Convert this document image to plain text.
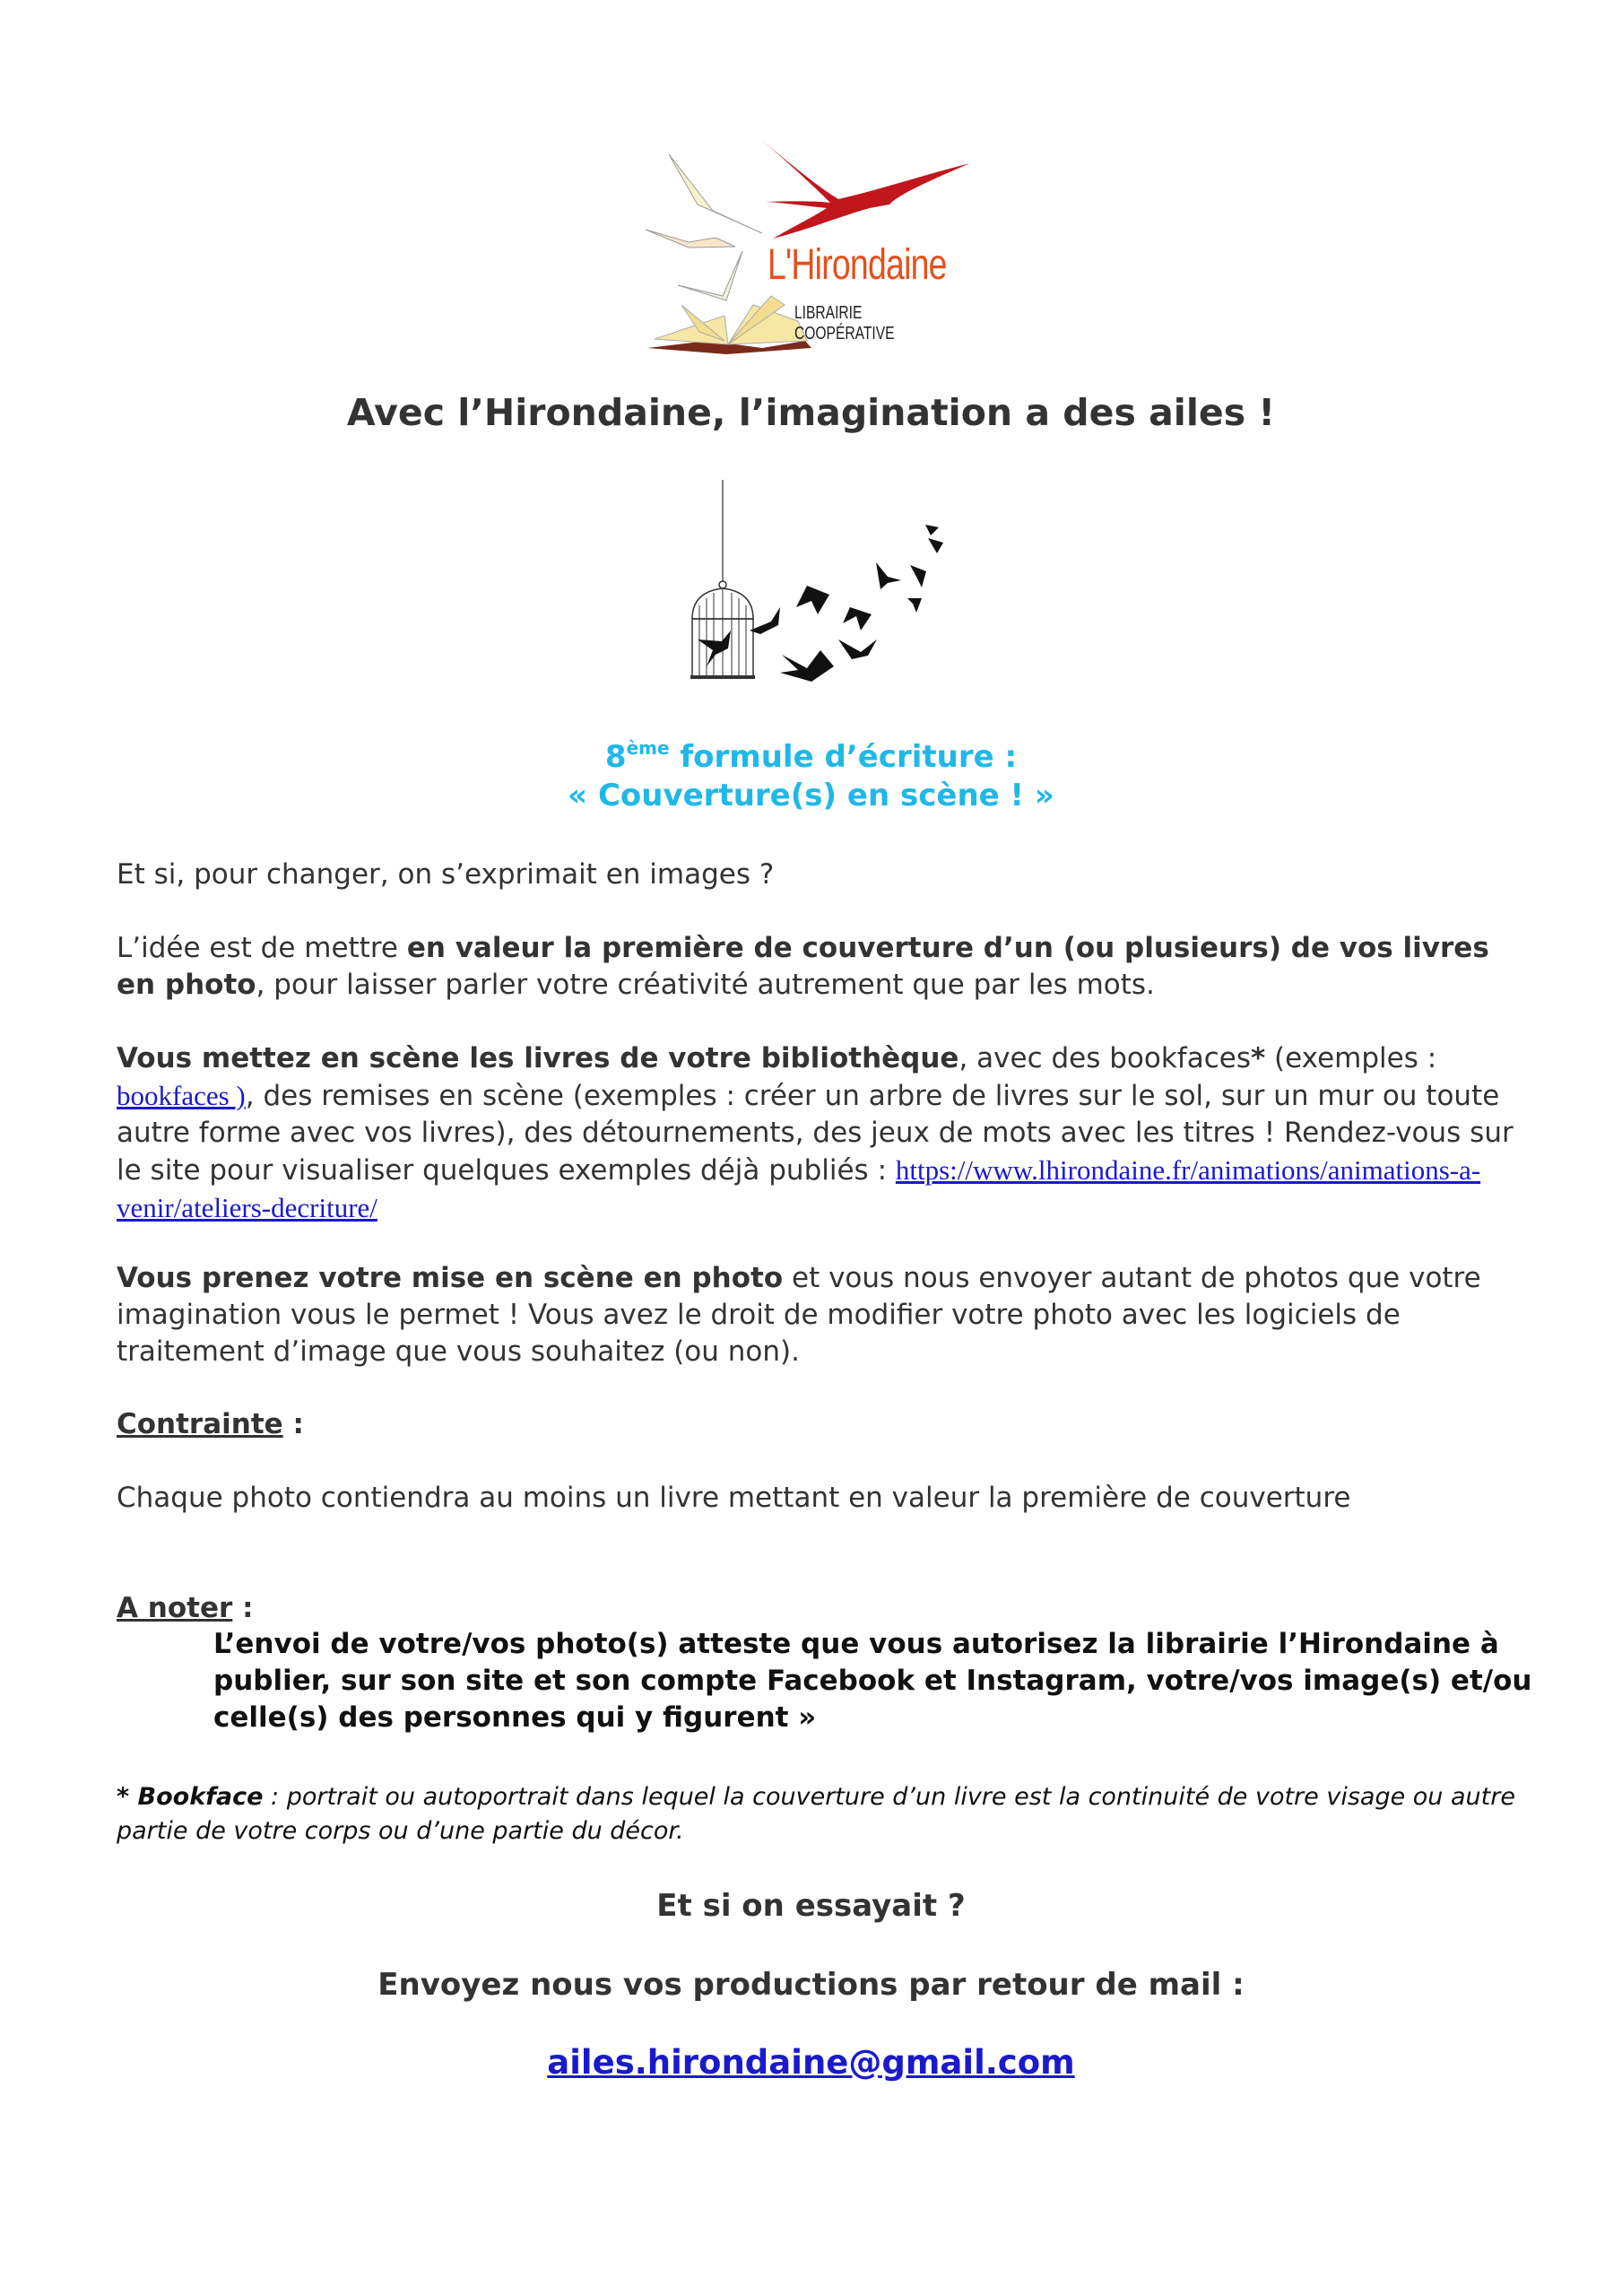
L'Hirondaine
LIBRAIRIE COOPÉRATIVE
Avec l’Hirondaine, l’imagination a des ailes !
8ème formule d’écriture :
« Couverture(s) en scène ! »
Et si, pour changer, on s’exprimait en images ?
L’idée est de mettre en valeur la première de couverture d’un (ou plusieurs) de vos livres en photo, pour laisser parler votre créativité autrement que par les mots.
Vous mettez en scène les livres de votre bibliothèque, avec des bookfaces* (exemples : bookfaces ), des remises en scène (exemples : créer un arbre de livres sur le sol, sur un mur ou toute autre forme avec vos livres), des détournements, des jeux de mots avec les titres ! Rendez-vous sur le site pour visualiser quelques exemples déjà publiés : https://www.lhirondaine.fr/animations/animations-a-venir/ateliers-decriture/
Vous prenez votre mise en scène en photo et vous nous envoyer autant de photos que votre imagination vous le permet ! Vous avez le droit de modifier votre photo avec les logiciels de traitement d’image que vous souhaitez (ou non).
Contrainte :
Chaque photo contiendra au moins un livre mettant en valeur la première de couverture
A noter :
L’envoi de votre/vos photo(s) atteste que vous autorisez la librairie l’Hirondaine à publier, sur son site et son compte Facebook et Instagram, votre/vos image(s) et/ou celle(s) des personnes qui y figurent »
* Bookface : portrait ou autoportrait dans lequel la couverture d’un livre est la continuité de votre visage ou autre partie de votre corps ou d’une partie du décor.
Et si on essayait ?
Envoyez nous vos productions par retour de mail :
ailes.hirondaine@gmail.com
